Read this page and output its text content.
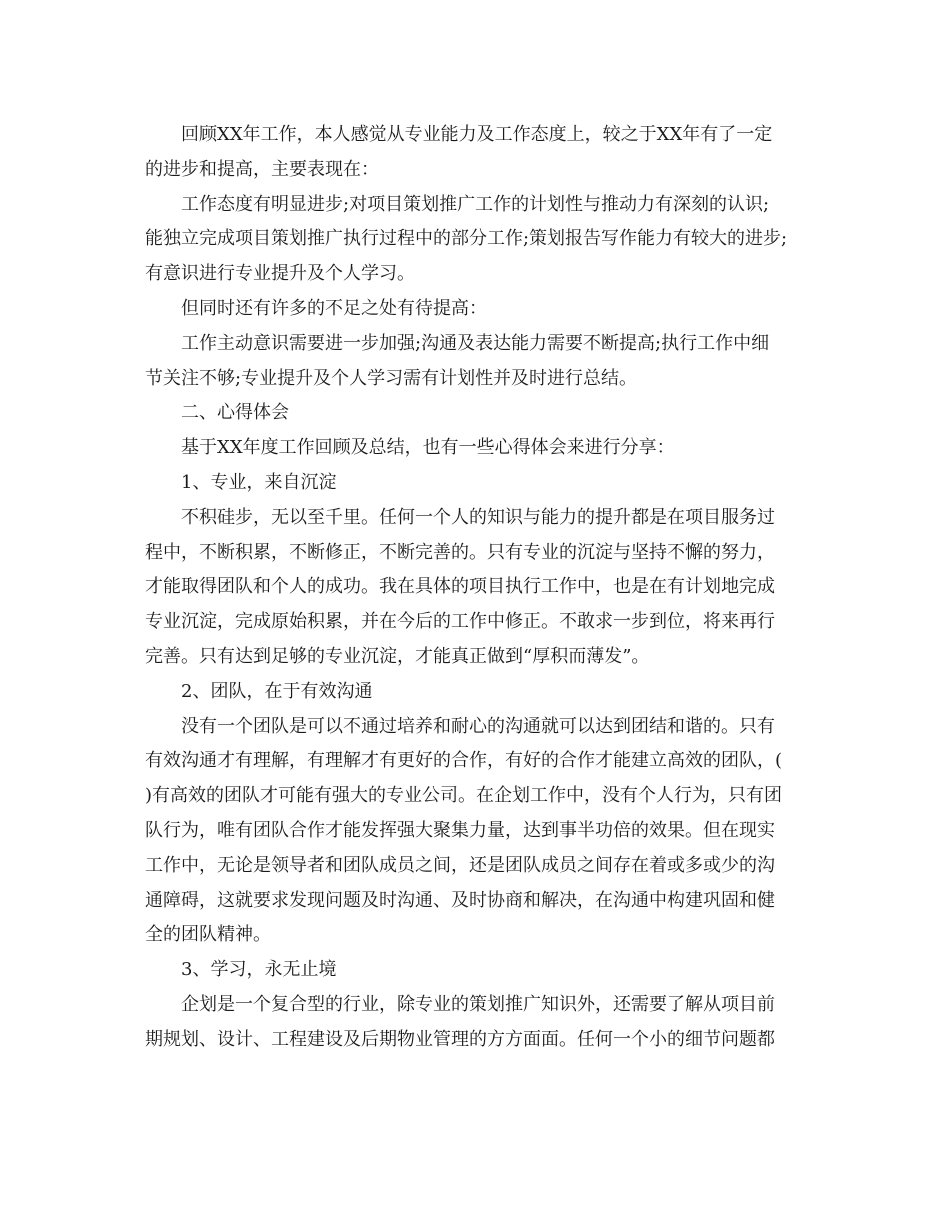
回顾XX年工作，本人感觉从专业能力及工作态度上，较之于XX年有了一定
的进步和提高，主要表现在：
工作态度有明显进步;对项目策划推广工作的计划性与推动力有深刻的认识;
能独立完成项目策划推广执行过程中的部分工作;策划报告写作能力有较大的进步;
有意识进行专业提升及个人学习。
但同时还有许多的不足之处有待提高：
工作主动意识需要进一步加强;沟通及表达能力需要不断提高;执行工作中细
节关注不够;专业提升及个人学习需有计划性并及时进行总结。
二、心得体会
基于XX年度工作回顾及总结，也有一些心得体会来进行分享：
1、专业，来自沉淀
不积硅步，无以至千里。任何一个人的知识与能力的提升都是在项目服务过
程中，不断积累，不断修正，不断完善的。只有专业的沉淀与坚持不懈的努力，
才能取得团队和个人的成功。我在具体的项目执行工作中，也是在有计划地完成
专业沉淀，完成原始积累，并在今后的工作中修正。不敢求一步到位，将来再行
完善。只有达到足够的专业沉淀，才能真正做到“厚积而薄发”。
2、团队，在于有效沟通
没有一个团队是可以不通过培养和耐心的沟通就可以达到团结和谐的。只有
有效沟通才有理解，有理解才有更好的合作，有好的合作才能建立高效的团队，(
)有高效的团队才可能有强大的专业公司。在企划工作中，没有个人行为，只有团
队行为，唯有团队合作才能发挥强大聚集力量，达到事半功倍的效果。但在现实
工作中，无论是领导者和团队成员之间，还是团队成员之间存在着或多或少的沟
通障碍，这就要求发现问题及时沟通、及时协商和解决，在沟通中构建巩固和健
全的团队精神。
3、学习，永无止境
企划是一个复合型的行业，除专业的策划推广知识外，还需要了解从项目前
期规划、设计、工程建设及后期物业管理的方方面面。任何一个小的细节问题都
